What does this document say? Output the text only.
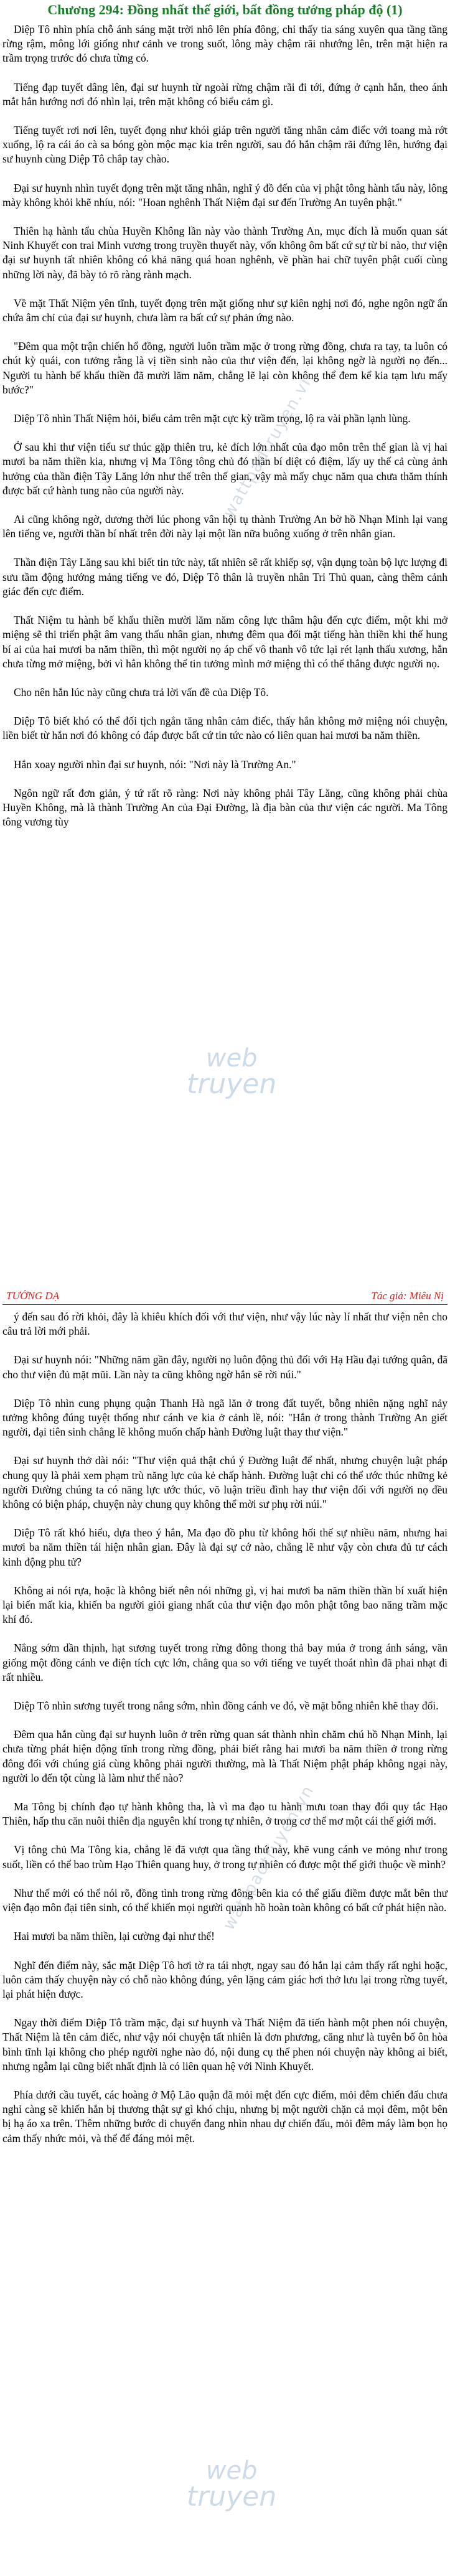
Chương 294: Đồng nhất thế giới, bất đồng tướng pháp độ (1)

Diệp Tô nhìn phía chỗ ánh sáng mặt trời nhô lên phía đông, chỉ thấy tia sáng xuyên qua tầng tầng rừng rậm, mông lới giống như cảnh ve trong suốt, lông mày chậm rãi nhướng lên, trên mặt hiện ra trầm trọng trước đó chưa từng có.

Tiếng đạp tuyết dâng lên, đại sư huynh từ ngoài rừng chậm rãi đi tới, đứng ở cạnh hắn, theo ánh mắt hắn hướng nơi đó nhìn lại, trên mặt không có biểu cảm gì.

Tiếng tuyết rơi nơi lên, tuyết đọng như khói giáp trên người tăng nhân cảm điểc với toang mà rớt xuống, lộ ra cái áo cà sa bóng gòn mộc mạc kia trên người, sau đó hắn chậm rãi đứng lên, hướng đại sư huynh cùng Diệp Tô chắp tay chào.

Đại sư huynh nhìn tuyết đọng trên mặt tăng nhân, nghĩ ý đồ đến của vị phật tông hành tẩu này, lông mày không khỏi khẽ nhíu, nói: "Hoan nghênh Thất Niệm đại sư đến Trường An tuyên phật."

Thiên hạ hành tẩu chùa Huyền Không lần này vào thành Trường An, mục đích là muốn quan sát Ninh Khuyết con trai Minh vương trong truyền thuyết này, vốn không ôm bất cứ sự từ bi nào, thư viện đại sư huynh tất nhiên không có khả năng quá hoan nghênh, về phần hai chữ tuyên phật cuối cùng những lời này, đã bày tỏ rõ ràng rành mạch.

Về mặt Thất Niệm yên tĩnh, tuyết đọng trên mặt giống như sự kiên nghị nơi đó, nghe ngôn ngữ ẩn chứa âm chỉ của đại sư huynh, chưa làm ra bất cứ sự phản ứng nào.

"Đêm qua một trận chiến hổ đồng, người luôn trầm mặc ở trong rừng đồng, chưa ra tay, ta luôn có chút kỳ quái, con tưởng rằng là vị tiền sinh nào của thư viện đến, lại không ngờ là người nọ đến... Người tu hành bế khẩu thiền đã mười lăm năm, chẳng lẽ lại còn không thể đem kể kia tạm lưu mấy bước?"

Diệp Tô nhìn Thất Niệm hỏi, biểu cảm trên mặt cực kỳ trầm trọng, lộ ra vài phần lạnh lùng.

Ở sau khi thư viện tiểu sư thúc gặp thiên tru, kẻ đích lớn nhất của đạo môn trên thế gian là vị hai mươi ba năm thiền kia, nhưng vị Ma Tông tông chủ đó thần bí diệt có điệm, lấy uy thế cả cùng ảnh hưởng của thần điện Tây Lăng lớn như thế trên thế gian, vậy mà mấy chục năm qua chưa thăm thính được bất cứ hành tung nào của người này.

Ai cũng không ngờ, dương thời lúc phong vân hội tụ thành Trường An bờ hồ Nhạn Minh lại vang lên tiếng ve, người thần bí nhất trên đời này lại một lần nữa buông xuống ở trên nhân gian.

Thần điện Tây Lăng sau khi biết tin tức này, tất nhiên sẽ rất khiếp sợ, vận dụng toàn bộ lực lượng đi sưu tầm động hướng mảng tiếng ve đó, Diệp Tô thân là truyền nhân Tri Thủ quan, càng thêm cảnh giác đến cực điểm.

Thất Niệm tu hành bế khẩu thiền mười lăm năm công lực thâm hậu đến cực điểm, một khi mở miệng sẽ thi triển phật âm vang thấu nhân gian, nhưng đêm qua đối mặt tiếng hàn thiền khi thế hung bí ai của hai mươi ba năm thiền, thì một người nọ áp chế vô thanh vô tức lại rét lạnh thấu xương, hắn chưa từng mở miệng, bởi vì hắn không thể tin tưởng mình mở miệng thì có thể thắng được người nọ.

Cho nên hắn lúc này cũng chưa trả lời vấn đề của Diệp Tô.

Diệp Tô biết khó có thể đối tịch ngắn tăng nhân cảm điếc, thấy hắn không mở miệng nói chuyện, liền biết từ hắn nơi đó không có đáp được bất cứ tin tức nào có liên quan hai mươi ba năm thiền.

Hắn xoay người nhìn đại sư huynh, nói: "Nơi này là Trường An."

Ngôn ngữ rất đơn giản, ý tứ rất rõ ràng: Nơi này không phải Tây Lăng, cũng không phải chùa Huyền Không, mà là thành Trường An của Đại Đường, là địa bàn của thư viện các người. Ma Tông tông vương tùy

wattpadtruyen.vn
web
truyen
TƯỚNG DẠ	Tác giả: Miêu Nị

ý đến sau đó rời khỏi, đây là khiêu khích đối với thư viện, như vậy lúc này lí nhất thư viện nên cho câu trả lời mới phải.

Đại sư huynh nói: "Những năm gần đây, người nọ luôn động thủ đối với Hạ Hầu đại tướng quân, đã cho thư viện đủ mặt mũi. Lần này ta cũng không ngờ hắn sẽ rời núi."

Diệp Tô nhìn cung phụng quận Thanh Hà ngã lăn ở trong đất tuyết, bỗng nhiên nặng nghĩ nảy tưởng không đúng tuyệt thống như cánh ve kia ở cảnh lề, nói: "Hắn ở trong thành Trường An giết người, đại tiên sinh chẳng lẽ không muốn chấp hành Đường luật thay thư viện."

Đại sư huynh thở dài nói: "Thư viện quả thật chú ý Đường luật để nhất, nhưng chuyện luật pháp chung quy là phải xem phạm trù năng lực của kẻ chấp hành. Đường luật chi có thể ước thúc những kẻ người Đường chúng ta có năng lực ước thúc, võ luận triều đình hay thư viện đối với người nọ đều không có biện pháp, chuyện này chung quy không thể mời sư phụ rời núi."

Diệp Tô rất khó hiểu, dựa theo ý hắn, Ma đạo đồ phu từ không hối thế sự nhiều năm, nhưng hai mươi ba năm thiền tái hiện nhân gian. Đây là đại sự cớ nào, chẳng lẽ như vậy còn chưa đủ tư cách kinh động phu tử?

Không ai nói rựa, hoặc là không biết nên nói những gì, vị hai mươi ba năm thiền thần bí xuất hiện lại biến mất kia, khiến ba người giỏi giang nhất của thư viện đạo môn phật tông bao năng trầm mặc khí đó.

Nắng sớm dần thịnh, hạt sương tuyết trong rừng đông thong thả bay múa ở trong ánh sáng, văn giống một đồng cánh ve điện tích cực lớn, chẳng qua so với tiếng ve tuyết thoát nhìn đã phai nhạt đi rất nhiều.

Diệp Tô nhìn sương tuyết trong nắng sớm, nhìn đồng cánh ve đó, về mặt bỗng nhiên khẽ thay đổi.

Đêm qua hắn cùng đại sư huynh luôn ở trên rừng quan sát thành nhìn chăm chú hồ Nhạn Minh, lại chưa từng phát hiện động tĩnh trong rừng đồng, phải biết rằng hai mươi ba năm thiền ở trong rừng đông đối với chúng giá cùng không phải người thường, mà là Thất Niệm phật pháp không ngại này, người lo đến tột cùng là làm như thế nào?

Ma Tông bị chính đạo tự hành không tha, là vì ma đạo tu hành mưu toan thay đổi quy tắc Hạo Thiên, hấp thu căn nuôi thiên địa nguyên khí trong tự nhiên, ở trong cơ thể mơ một cái thế giới mới.

Vị tông chủ Ma Tông kia, chẳng lẽ đã vượt qua tầng thứ này, khẽ vung cánh ve mỏng như trong suốt, liền có thể bao trùm Hạo Thiên quang huy, ở trong tự nhiên có được một thế giới thuộc về mình?

Như thế mới có thể nói rõ, đồng tình trong rừng đông bên kia có thể giấu điềm được mắt bên thư viện đạo môn đại tiên sinh, có thể khiến mọi người quanh hồ hoàn toàn không có bất cứ phát hiện nào.

Hai mươi ba năm thiền, lại cường đại như thế!

Nghĩ đến điểm này, sắc mặt Diệp Tô hơi tờ ra tái nhợt, ngay sau đó hắn lại cảm thấy rất nghi hoặc, luôn cảm thấy chuyện này có chỗ nào không đúng, yên lặng cảm giác hơi thở lưu lại trong rừng tuyết, lại phát hiện được.

Ngay thời điểm Diệp Tô trầm mặc, đại sư huynh và Thất Niệm đã tiến hành một phen nói chuyện, Thất Niệm là tên cảm điếc, như vậy nói chuyện tất nhiên là đơn phương, căng như là tuyên bố ôn hòa bình tĩnh lại không cho phép người nghe nào đó, nội dung cụ thể phen nói chuyện này không ai biết, nhưng ngẫm lại cũng biết nhất định là có liên quan hệ với Ninh Khuyết.

Phía dưới cầu tuyết, các hoàng ở Mộ Lão quận đã mỏi mệt đến cực điểm, mỏi đêm chiến đấu chưa nghỉ càng sẽ khiến hắn bị thương thật sự gì khó chịu, nhưng bị một người chặn cả mọi đêm, một bên bị hạ áo xa trên. Thêm những bước di chuyển đang nhìn nhau dự chiến đấu, mỏi đêm máy làm bọn họ cảm thấy nhức mỏi, và thể để đáng mỏi mệt.

wattpadtruyen.vn
web
truyen
